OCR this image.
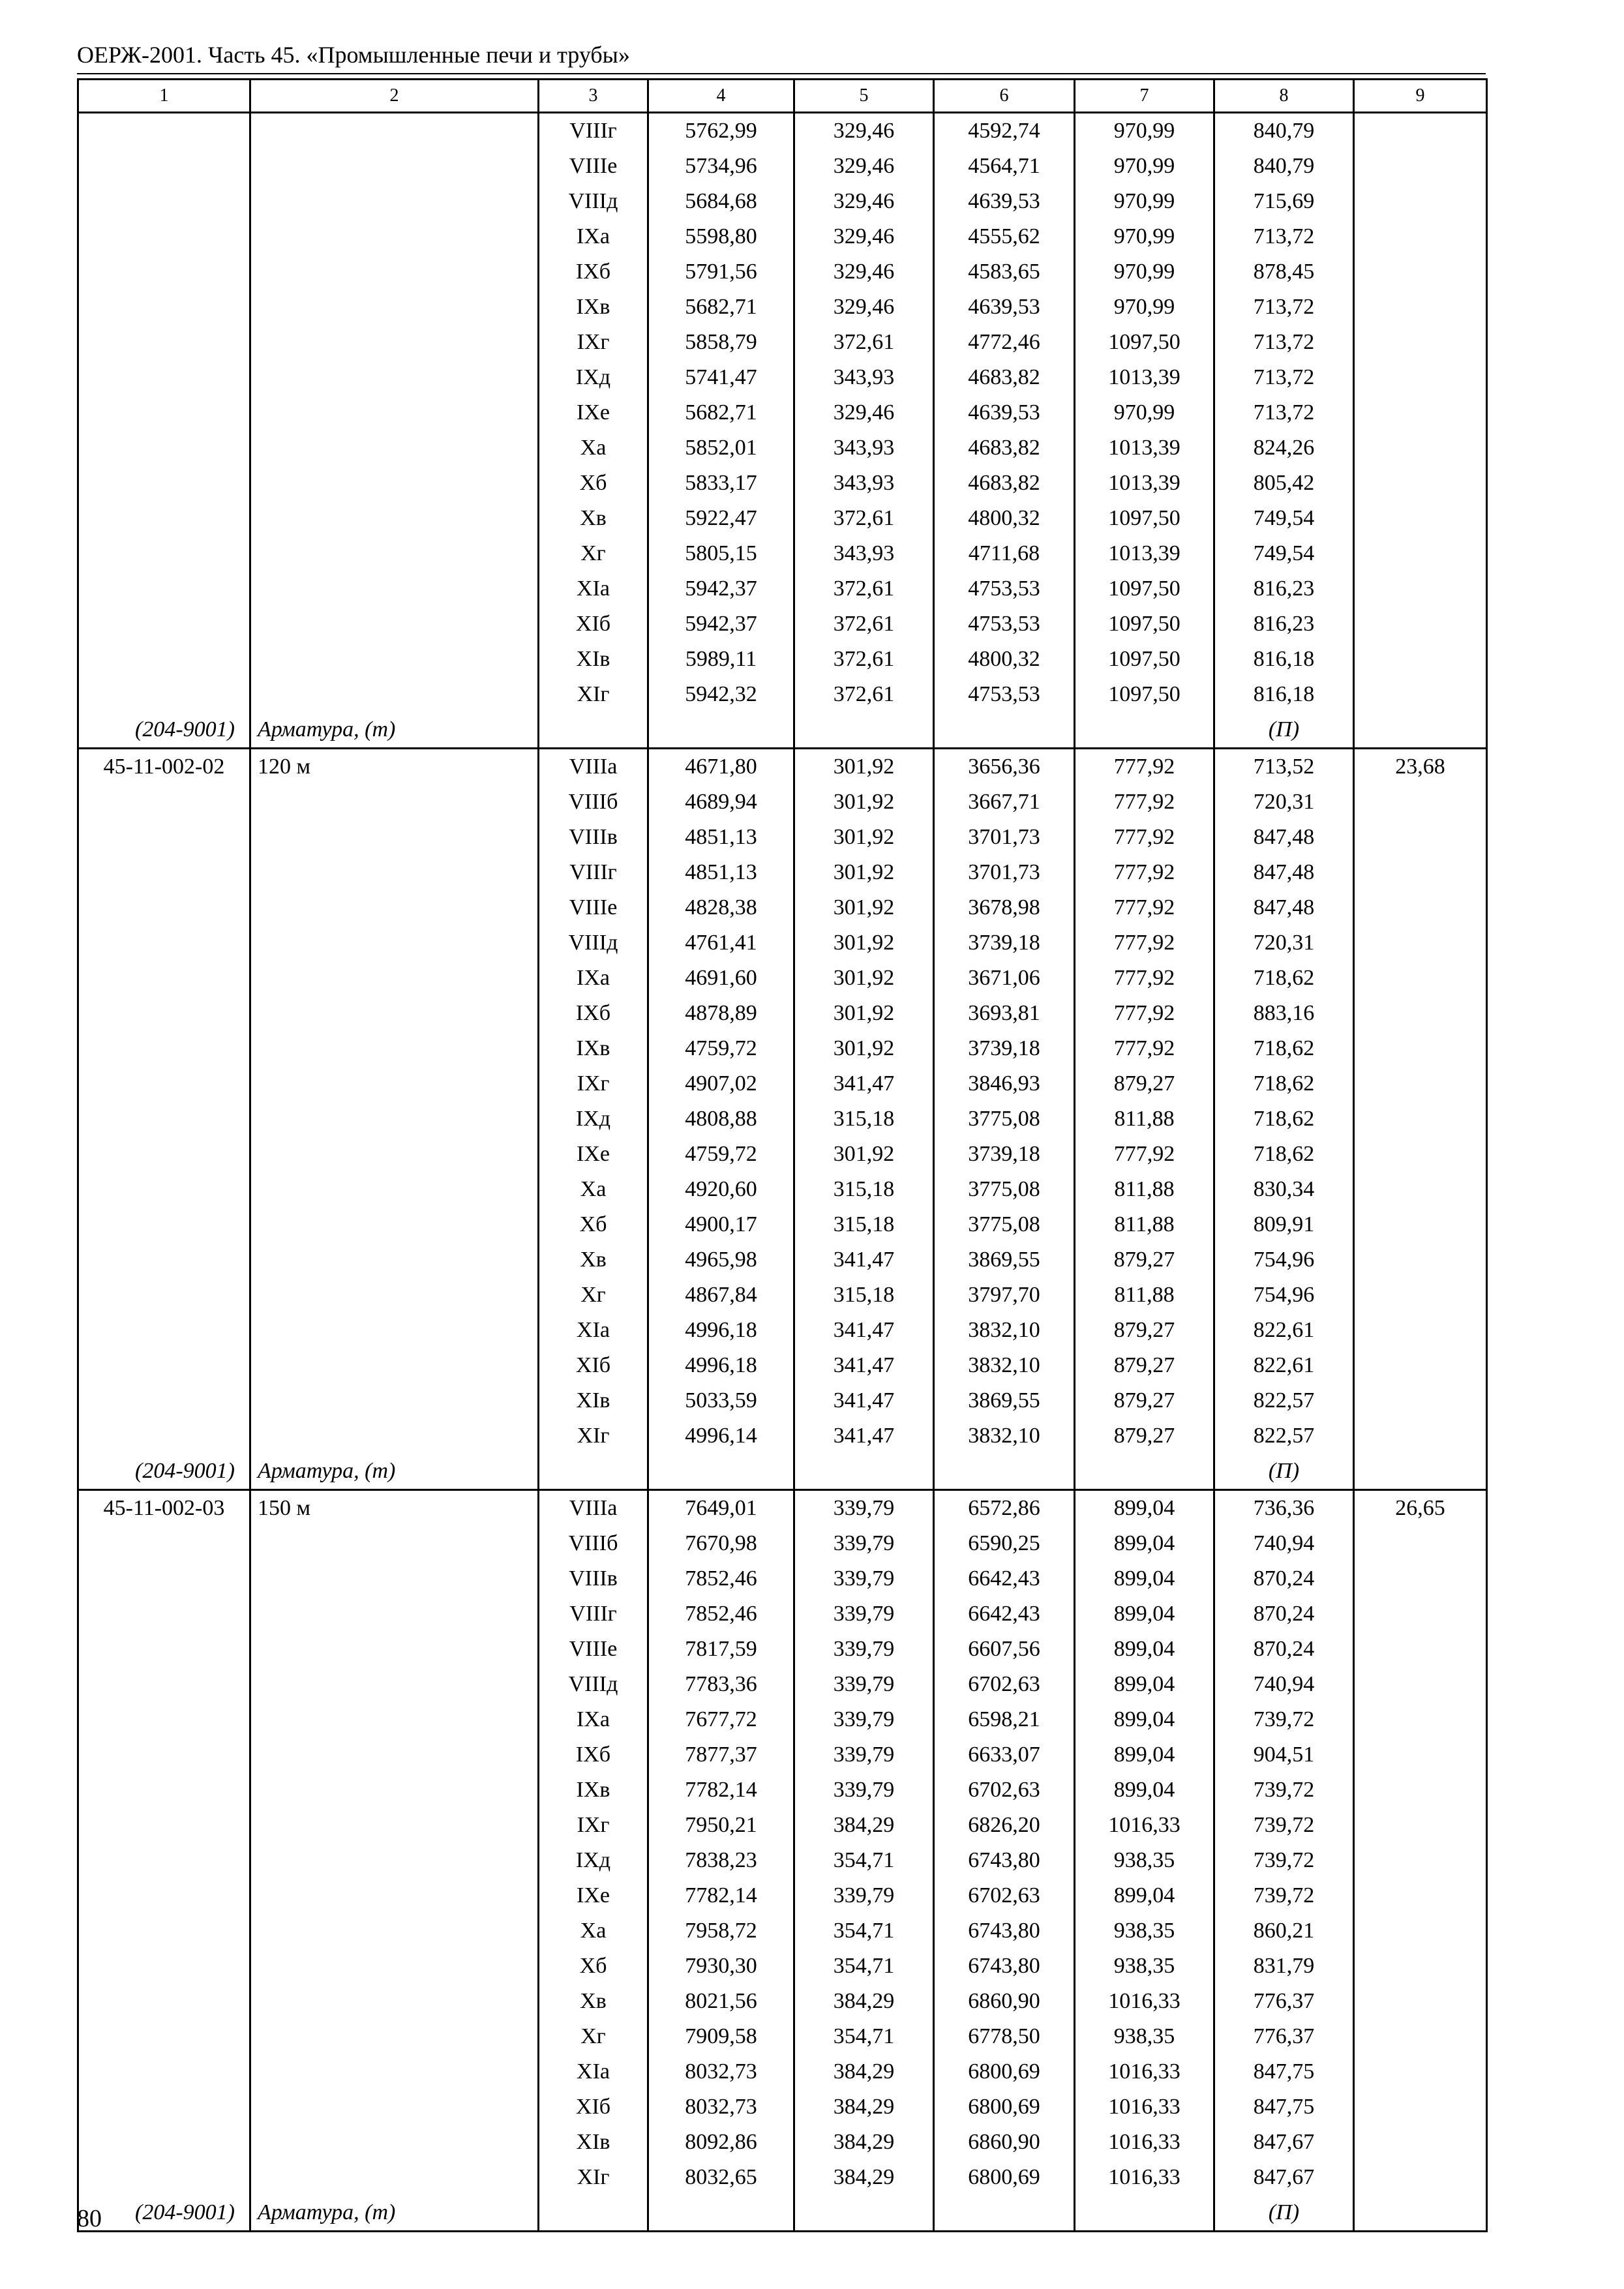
ОЕРЖ-2001. Часть 45. «Промышленные печи и трубы»
1	2	3	4	5	6	7	8	9
		VIIIг	5762,99	329,46	4592,74	970,99	840,79	
		VIIIе	5734,96	329,46	4564,71	970,99	840,79	
		VIIIд	5684,68	329,46	4639,53	970,99	715,69	
		IXа	5598,80	329,46	4555,62	970,99	713,72	
		IXб	5791,56	329,46	4583,65	970,99	878,45	
		IXв	5682,71	329,46	4639,53	970,99	713,72	
		IXг	5858,79	372,61	4772,46	1097,50	713,72	
		IXд	5741,47	343,93	4683,82	1013,39	713,72	
		IXе	5682,71	329,46	4639,53	970,99	713,72	
		Xа	5852,01	343,93	4683,82	1013,39	824,26	
		Xб	5833,17	343,93	4683,82	1013,39	805,42	
		Xв	5922,47	372,61	4800,32	1097,50	749,54	
		Xг	5805,15	343,93	4711,68	1013,39	749,54	
		XIа	5942,37	372,61	4753,53	1097,50	816,23	
		XIб	5942,37	372,61	4753,53	1097,50	816,23	
		XIв	5989,11	372,61	4800,32	1097,50	816,18	
		XIг	5942,32	372,61	4753,53	1097,50	816,18	
(204-9001)	Арматура, (т)						(П)	
45-11-002-02	120 м	VIIIа	4671,80	301,92	3656,36	777,92	713,52	23,68
		VIIIб	4689,94	301,92	3667,71	777,92	720,31	
		VIIIв	4851,13	301,92	3701,73	777,92	847,48	
		VIIIг	4851,13	301,92	3701,73	777,92	847,48	
		VIIIе	4828,38	301,92	3678,98	777,92	847,48	
		VIIIд	4761,41	301,92	3739,18	777,92	720,31	
		IXа	4691,60	301,92	3671,06	777,92	718,62	
		IXб	4878,89	301,92	3693,81	777,92	883,16	
		IXв	4759,72	301,92	3739,18	777,92	718,62	
		IXг	4907,02	341,47	3846,93	879,27	718,62	
		IXд	4808,88	315,18	3775,08	811,88	718,62	
		IXе	4759,72	301,92	3739,18	777,92	718,62	
		Xа	4920,60	315,18	3775,08	811,88	830,34	
		Xб	4900,17	315,18	3775,08	811,88	809,91	
		Xв	4965,98	341,47	3869,55	879,27	754,96	
		Xг	4867,84	315,18	3797,70	811,88	754,96	
		XIа	4996,18	341,47	3832,10	879,27	822,61	
		XIб	4996,18	341,47	3832,10	879,27	822,61	
		XIв	5033,59	341,47	3869,55	879,27	822,57	
		XIг	4996,14	341,47	3832,10	879,27	822,57	
(204-9001)	Арматура, (т)						(П)	
45-11-002-03	150 м	VIIIа	7649,01	339,79	6572,86	899,04	736,36	26,65
		VIIIб	7670,98	339,79	6590,25	899,04	740,94	
		VIIIв	7852,46	339,79	6642,43	899,04	870,24	
		VIIIг	7852,46	339,79	6642,43	899,04	870,24	
		VIIIе	7817,59	339,79	6607,56	899,04	870,24	
		VIIIд	7783,36	339,79	6702,63	899,04	740,94	
		IXа	7677,72	339,79	6598,21	899,04	739,72	
		IXб	7877,37	339,79	6633,07	899,04	904,51	
		IXв	7782,14	339,79	6702,63	899,04	739,72	
		IXг	7950,21	384,29	6826,20	1016,33	739,72	
		IXд	7838,23	354,71	6743,80	938,35	739,72	
		IXе	7782,14	339,79	6702,63	899,04	739,72	
		Xа	7958,72	354,71	6743,80	938,35	860,21	
		Xб	7930,30	354,71	6743,80	938,35	831,79	
		Xв	8021,56	384,29	6860,90	1016,33	776,37	
		Xг	7909,58	354,71	6778,50	938,35	776,37	
		XIа	8032,73	384,29	6800,69	1016,33	847,75	
		XIб	8032,73	384,29	6800,69	1016,33	847,75	
		XIв	8092,86	384,29	6860,90	1016,33	847,67	
		XIг	8032,65	384,29	6800,69	1016,33	847,67	
(204-9001)	Арматура, (т)						(П)	
80
